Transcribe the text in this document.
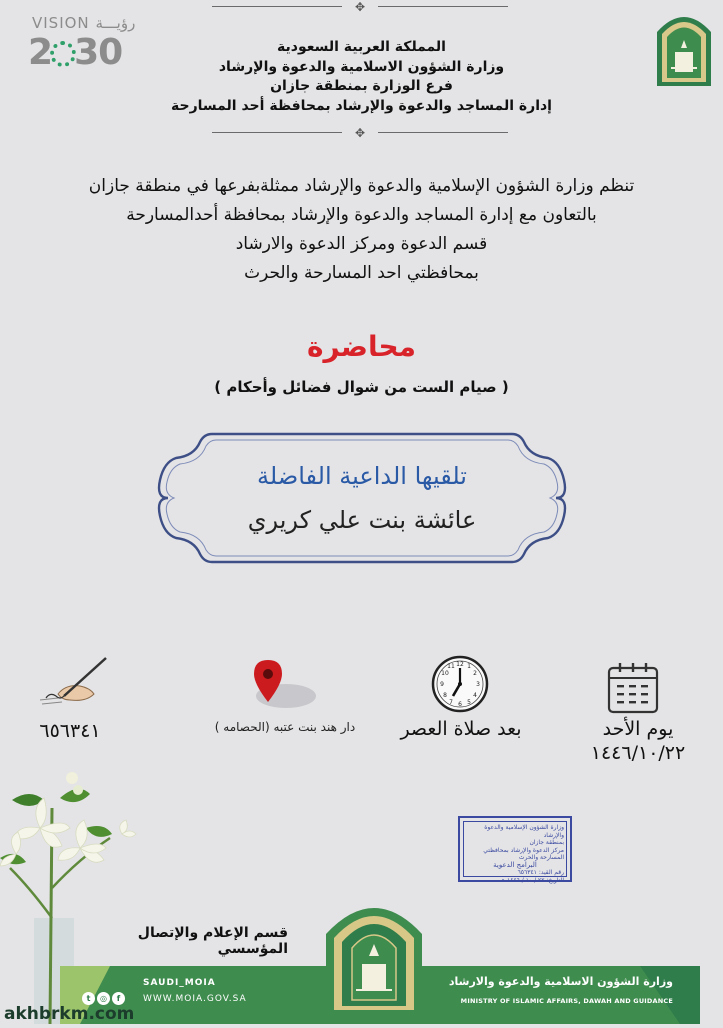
VISION رؤيـــة
2 30
✥
المملكة العربية السعودية
وزارة الشؤون الاسلامية والدعوة والإرشاد
فرع الوزارة بمنطقة جازان
إدارة المساجد والدعوة والإرشاد بمحافظة أحد المسارحة
✥
تنظم وزارة الشؤون الإسلامية والدعوة والإرشاد ممثلةبفرعها في منطقة جازان
بالتعاون مع إدارة المساجد والدعوة والإرشاد بمحافظة أحدالمسارحة
قسم الدعوة ومركز الدعوة والارشاد
بمحافظتي احد المسارحة والحرث
محاضرة
( صيام الست من شوال فضائل وأحكام )
تلقيها الداعية الفاضلة
عائشة بنت علي كريري
يوم الأحد
١٤٤٦/١٠/٢٢
12
3
6
9
1
2
4
5
7
8
10
11
بعد صلاة العصر
دار هند بنت عتبه (الحصامه )
٦٥٦٣٤١
وزارة الشؤون الإسلامية والدعوة والإرشاد
بمنطقة جازان
مركز الدعوة والإرشاد بمحافظتي المسارحة والحرث
البرامج الدعوية
رقم القيد: ٦٥٦٣٤١
التاريخ: ٢٢ / ١٠ / ١٤٤٦ هـ
قسم الإعلام والإتصال المؤسسي
SAUDI_MOIA
WWW.MOIA.GOV.SA
t ◎ f
وزارة الشؤون الاسلامية والدعوة والارشاد
MINISTRY OF ISLAMIC AFFAIRS, DAWAH AND GUIDANCE
akhbrkm.com
